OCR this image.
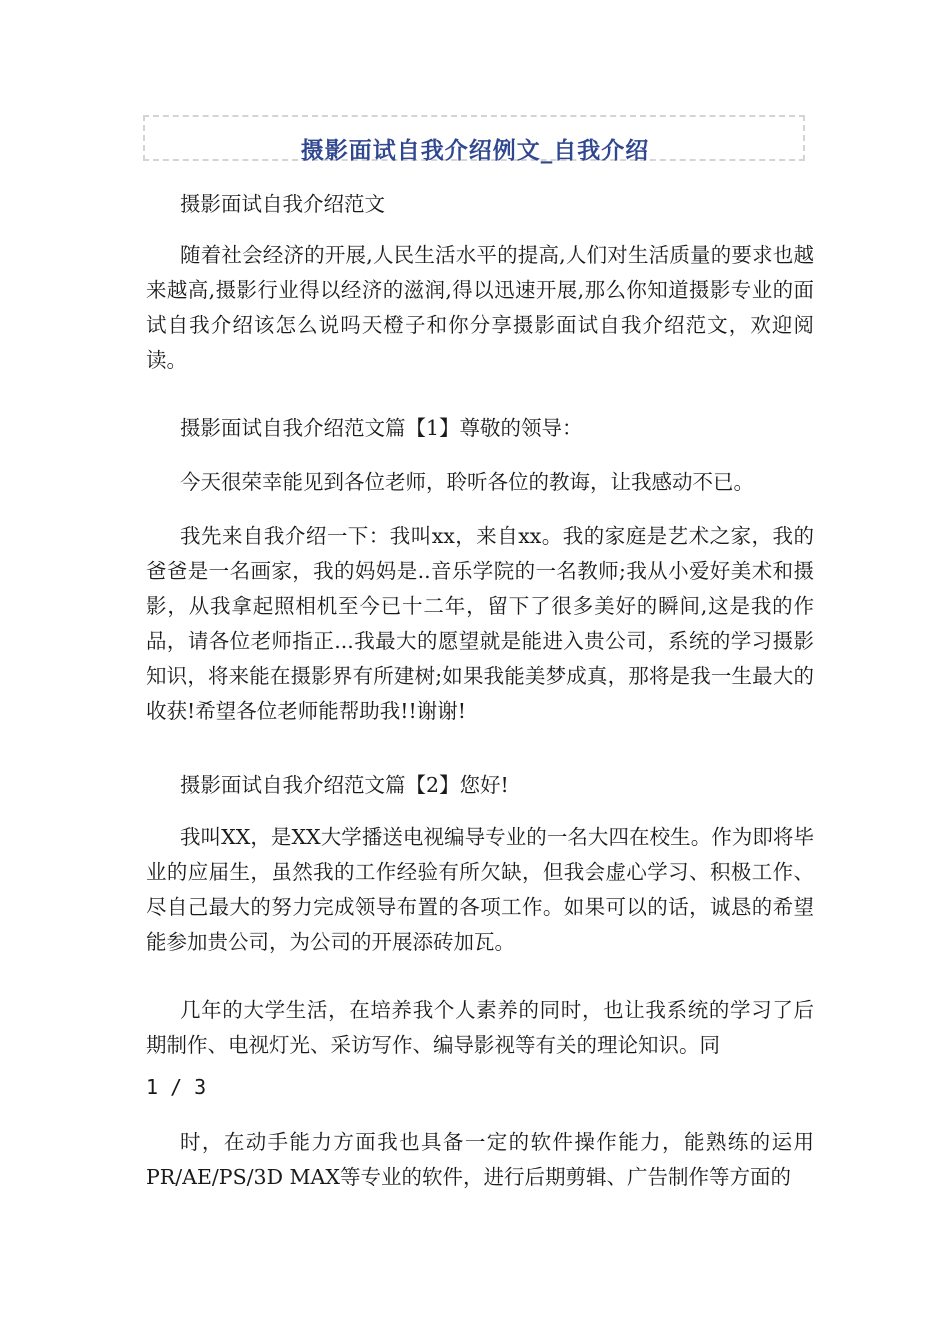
摄影面试自我介绍例文_自我介绍
摄影面试自我介绍范文
随着社会经济的开展,人民生活水平的提高,人们对生活质量的要求也越来越高,摄影行业得以经济的滋润,得以迅速开展,那么你知道摄影专业的面试自我介绍该怎么说吗天橙子和你分享摄影面试自我介绍范文，欢迎阅读。
摄影面试自我介绍范文篇【1】尊敬的领导：
今天很荣幸能见到各位老师，聆听各位的教诲，让我感动不已。
我先来自我介绍一下：我叫xx，来自xx。我的家庭是艺术之家，我的爸爸是一名画家，我的妈妈是..音乐学院的一名教师;我从小爱好美术和摄影，从我拿起照相机至今已十二年，留下了很多美好的瞬间,这是我的作品，请各位老师指正...我最大的愿望就是能进入贵公司，系统的学习摄影知识，将来能在摄影界有所建树;如果我能美梦成真，那将是我一生最大的收获!希望各位老师能帮助我!!谢谢!
摄影面试自我介绍范文篇【2】您好!
我叫XX，是XX大学播送电视编导专业的一名大四在校生。作为即将毕业的应届生，虽然我的工作经验有所欠缺，但我会虚心学习、积极工作、尽自己最大的努力完成领导布置的各项工作。如果可以的话，诚恳的希望能参加贵公司，为公司的开展添砖加瓦。
几年的大学生活，在培养我个人素养的同时，也让我系统的学习了后期制作、电视灯光、采访写作、编导影视等有关的理论知识。同
1 / 3
时，在动手能力方面我也具备一定的软件操作能力，能熟练的运用PR/AE/PS/3D MAX等专业的软件，进行后期剪辑、广告制作等方面的
